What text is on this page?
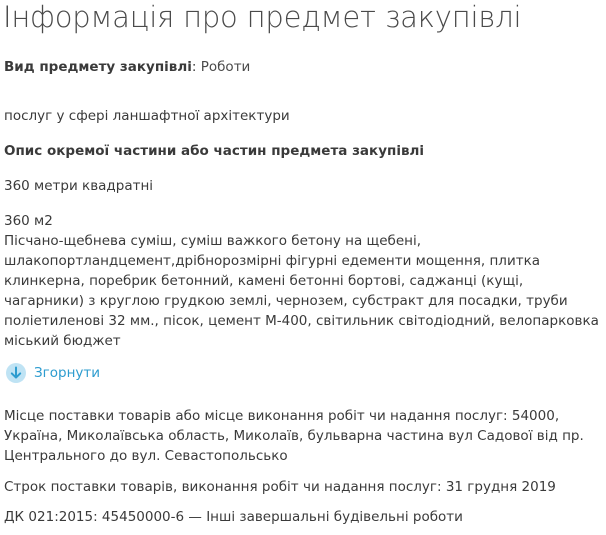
Інформація про предмет закупівлі
Вид предмету закупівлі: Роботи
послуг у сфері ланшафтної архітектури
Опис окремої частини або частин предмета закупівлі
360 метри квадратні
360 м2
Пісчано-щебнева суміш, суміш важкого бетону на щебені, шлакопортландцемент,дрібнорозмірні фігурні едементи мощення, плитка клинкерна, поребрик бетонний, камені бетонні бортові, саджанці (кущі, чагарники) з круглою грудкою землі, чернозем, субстракт для посадки, труби поліетиленові 32 мм., пісок, цемент М-400, світильник світодіодний, велопарковка
міський бюджет
Згорнути
Місце поставки товарів або місце виконання робіт чи надання послуг: 54000, Україна, Миколаївська область, Миколаїв, бульварна частина вул Садової від пр. Центрального до вул. Севастопольсько
Строк поставки товарів, виконання робіт чи надання послуг: 31 грудня 2019
ДК 021:2015: 45450000-6 — Інші завершальні будівельні роботи
